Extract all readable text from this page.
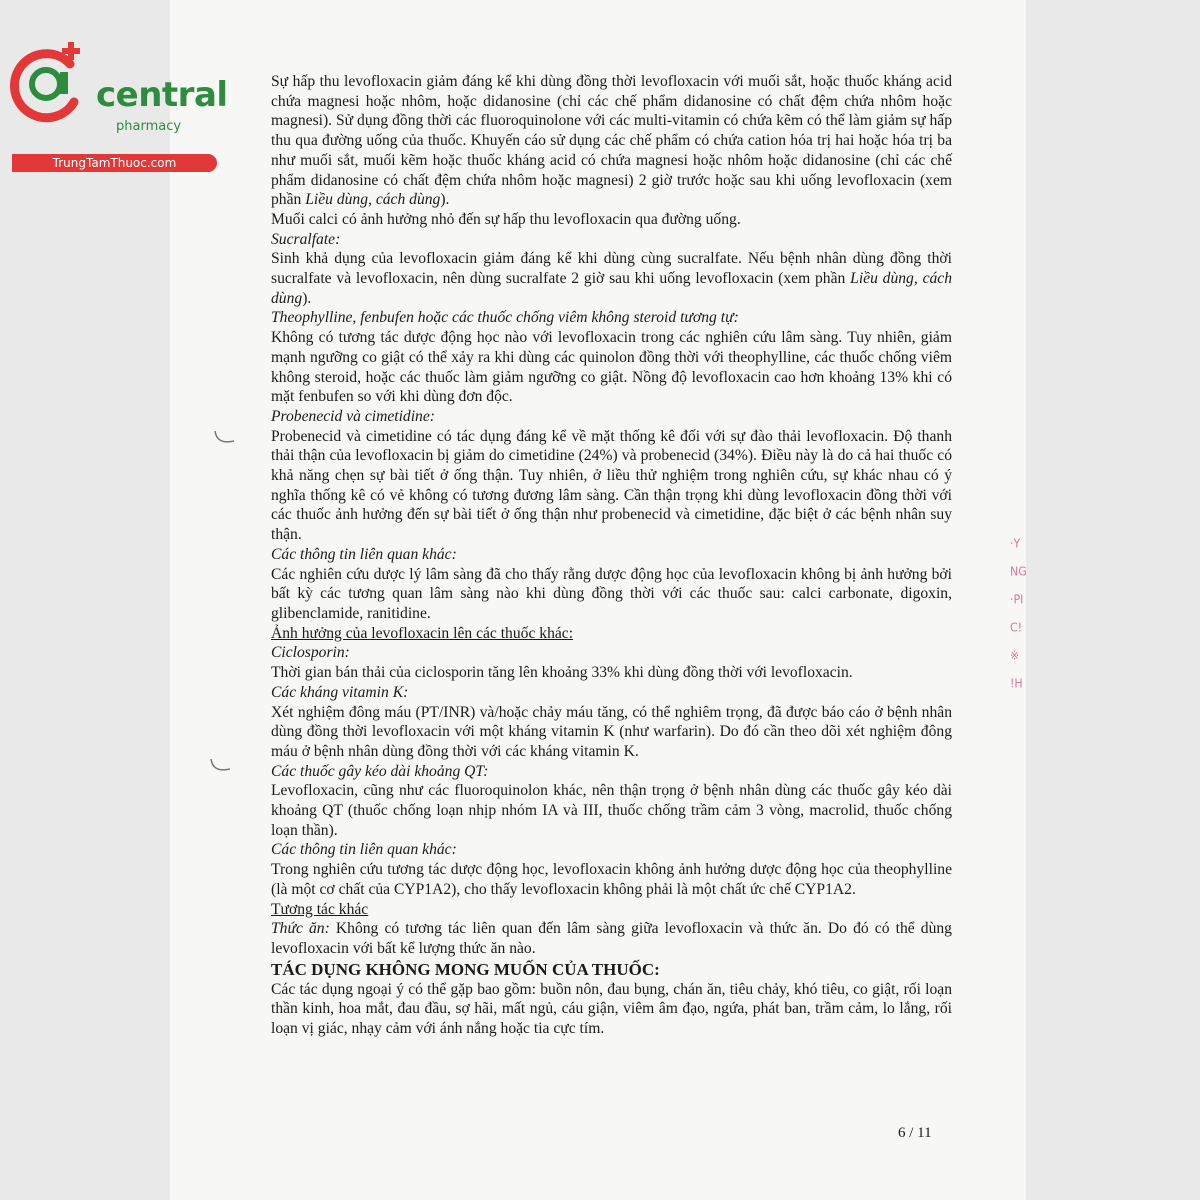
central
pharmacy
TrungTamThuoc.com
·Y
NG
·PI
C!
※
!H

Sự hấp thu levofloxacin giảm đáng kể khi dùng đồng thời levofloxacin với muối sắt, hoặc thuốc kháng acid chứa magnesi hoặc nhôm, hoặc didanosine (chỉ các chế phẩm didanosine có chất đệm chứa nhôm hoặc magnesi). Sử dụng đồng thời các fluoroquinolone với các multi-vitamin có chứa kẽm có thể làm giảm sự hấp thu qua đường uống của thuốc. Khuyến cáo sử dụng các chế phẩm có chứa cation hóa trị hai hoặc hóa trị ba như muối sắt, muối kẽm hoặc thuốc kháng acid có chứa magnesi hoặc nhôm hoặc didanosine (chỉ các chế phẩm didanosine có chất đệm chứa nhôm hoặc magnesi) 2 giờ trước hoặc sau khi uống levofloxacin (xem phần Liều dùng, cách dùng).

Muối calci có ảnh hưởng nhỏ đến sự hấp thu levofloxacin qua đường uống.

Sucralfate:

Sinh khả dụng của levofloxacin giảm đáng kể khi dùng cùng sucralfate. Nếu bệnh nhân dùng đồng thời sucralfate và levofloxacin, nên dùng sucralfate 2 giờ sau khi uống levofloxacin (xem phần Liều dùng, cách dùng).

Theophylline, fenbufen hoặc các thuốc chống viêm không steroid tương tự:

Không có tương tác dược động học nào với levofloxacin trong các nghiên cứu lâm sàng. Tuy nhiên, giảm mạnh ngưỡng co giật có thể xảy ra khi dùng các quinolon đồng thời với theophylline, các thuốc chống viêm không steroid, hoặc các thuốc làm giảm ngưỡng co giật. Nồng độ levofloxacin cao hơn khoảng 13% khi có mặt fenbufen so với khi dùng đơn độc.

Probenecid và cimetidine:

Probenecid và cimetidine có tác dụng đáng kể về mặt thống kê đối với sự đào thải levofloxacin. Độ thanh thải thận của levofloxacin bị giảm do cimetidine (24%) và probenecid (34%). Điều này là do cả hai thuốc có khả năng chẹn sự bài tiết ở ống thận. Tuy nhiên, ở liều thử nghiệm trong nghiên cứu, sự khác nhau có ý nghĩa thống kê có vẻ không có tương đương lâm sàng. Cần thận trọng khi dùng levofloxacin đồng thời với các thuốc ảnh hưởng đến sự bài tiết ở ống thận như probenecid và cimetidine, đặc biệt ở các bệnh nhân suy thận.

Các thông tin liên quan khác:

Các nghiên cứu dược lý lâm sàng đã cho thấy rằng dược động học của levofloxacin không bị ảnh hưởng bởi bất kỳ các tương quan lâm sàng nào khi dùng đồng thời với các thuốc sau: calci carbonate, digoxin, glibenclamide, ranitidine.

Ảnh hưởng của levofloxacin lên các thuốc khác:

Ciclosporin:

Thời gian bán thải của ciclosporin tăng lên khoảng 33% khi dùng đồng thời với levofloxacin.

Các kháng vitamin K:

Xét nghiệm đông máu (PT/INR) và/hoặc chảy máu tăng, có thể nghiêm trọng, đã được báo cáo ở bệnh nhân dùng đồng thời levofloxacin với một kháng vitamin K (như warfarin). Do đó cần theo dõi xét nghiệm đông máu ở bệnh nhân dùng đồng thời với các kháng vitamin K.

Các thuốc gây kéo dài khoảng QT:

Levofloxacin, cũng như các fluoroquinolon khác, nên thận trọng ở bệnh nhân dùng các thuốc gây kéo dài khoảng QT (thuốc chống loạn nhịp nhóm IA và III, thuốc chống trầm cảm 3 vòng, macrolid, thuốc chống loạn thần).

Các thông tin liên quan khác:

Trong nghiên cứu tương tác dược động học, levofloxacin không ảnh hưởng dược động học của theophylline (là một cơ chất của CYP1A2), cho thấy levofloxacin không phải là một chất ức chế CYP1A2.

Tương tác khác

Thức ăn: Không có tương tác liên quan đến lâm sàng giữa levofloxacin và thức ăn. Do đó có thể dùng levofloxacin với bất kể lượng thức ăn nào.

TÁC DỤNG KHÔNG MONG MUỐN CỦA THUỐC:

Các tác dụng ngoại ý có thể gặp bao gồm: buồn nôn, đau bụng, chán ăn, tiêu chảy, khó tiêu, co giật, rối loạn thần kinh, hoa mắt, đau đầu, sợ hãi, mất ngủ, cáu giận, viêm âm đạo, ngứa, phát ban, trầm cảm, lo lắng, rối loạn vị giác, nhạy cảm với ánh nắng hoặc tia cực tím.

6 / 11
